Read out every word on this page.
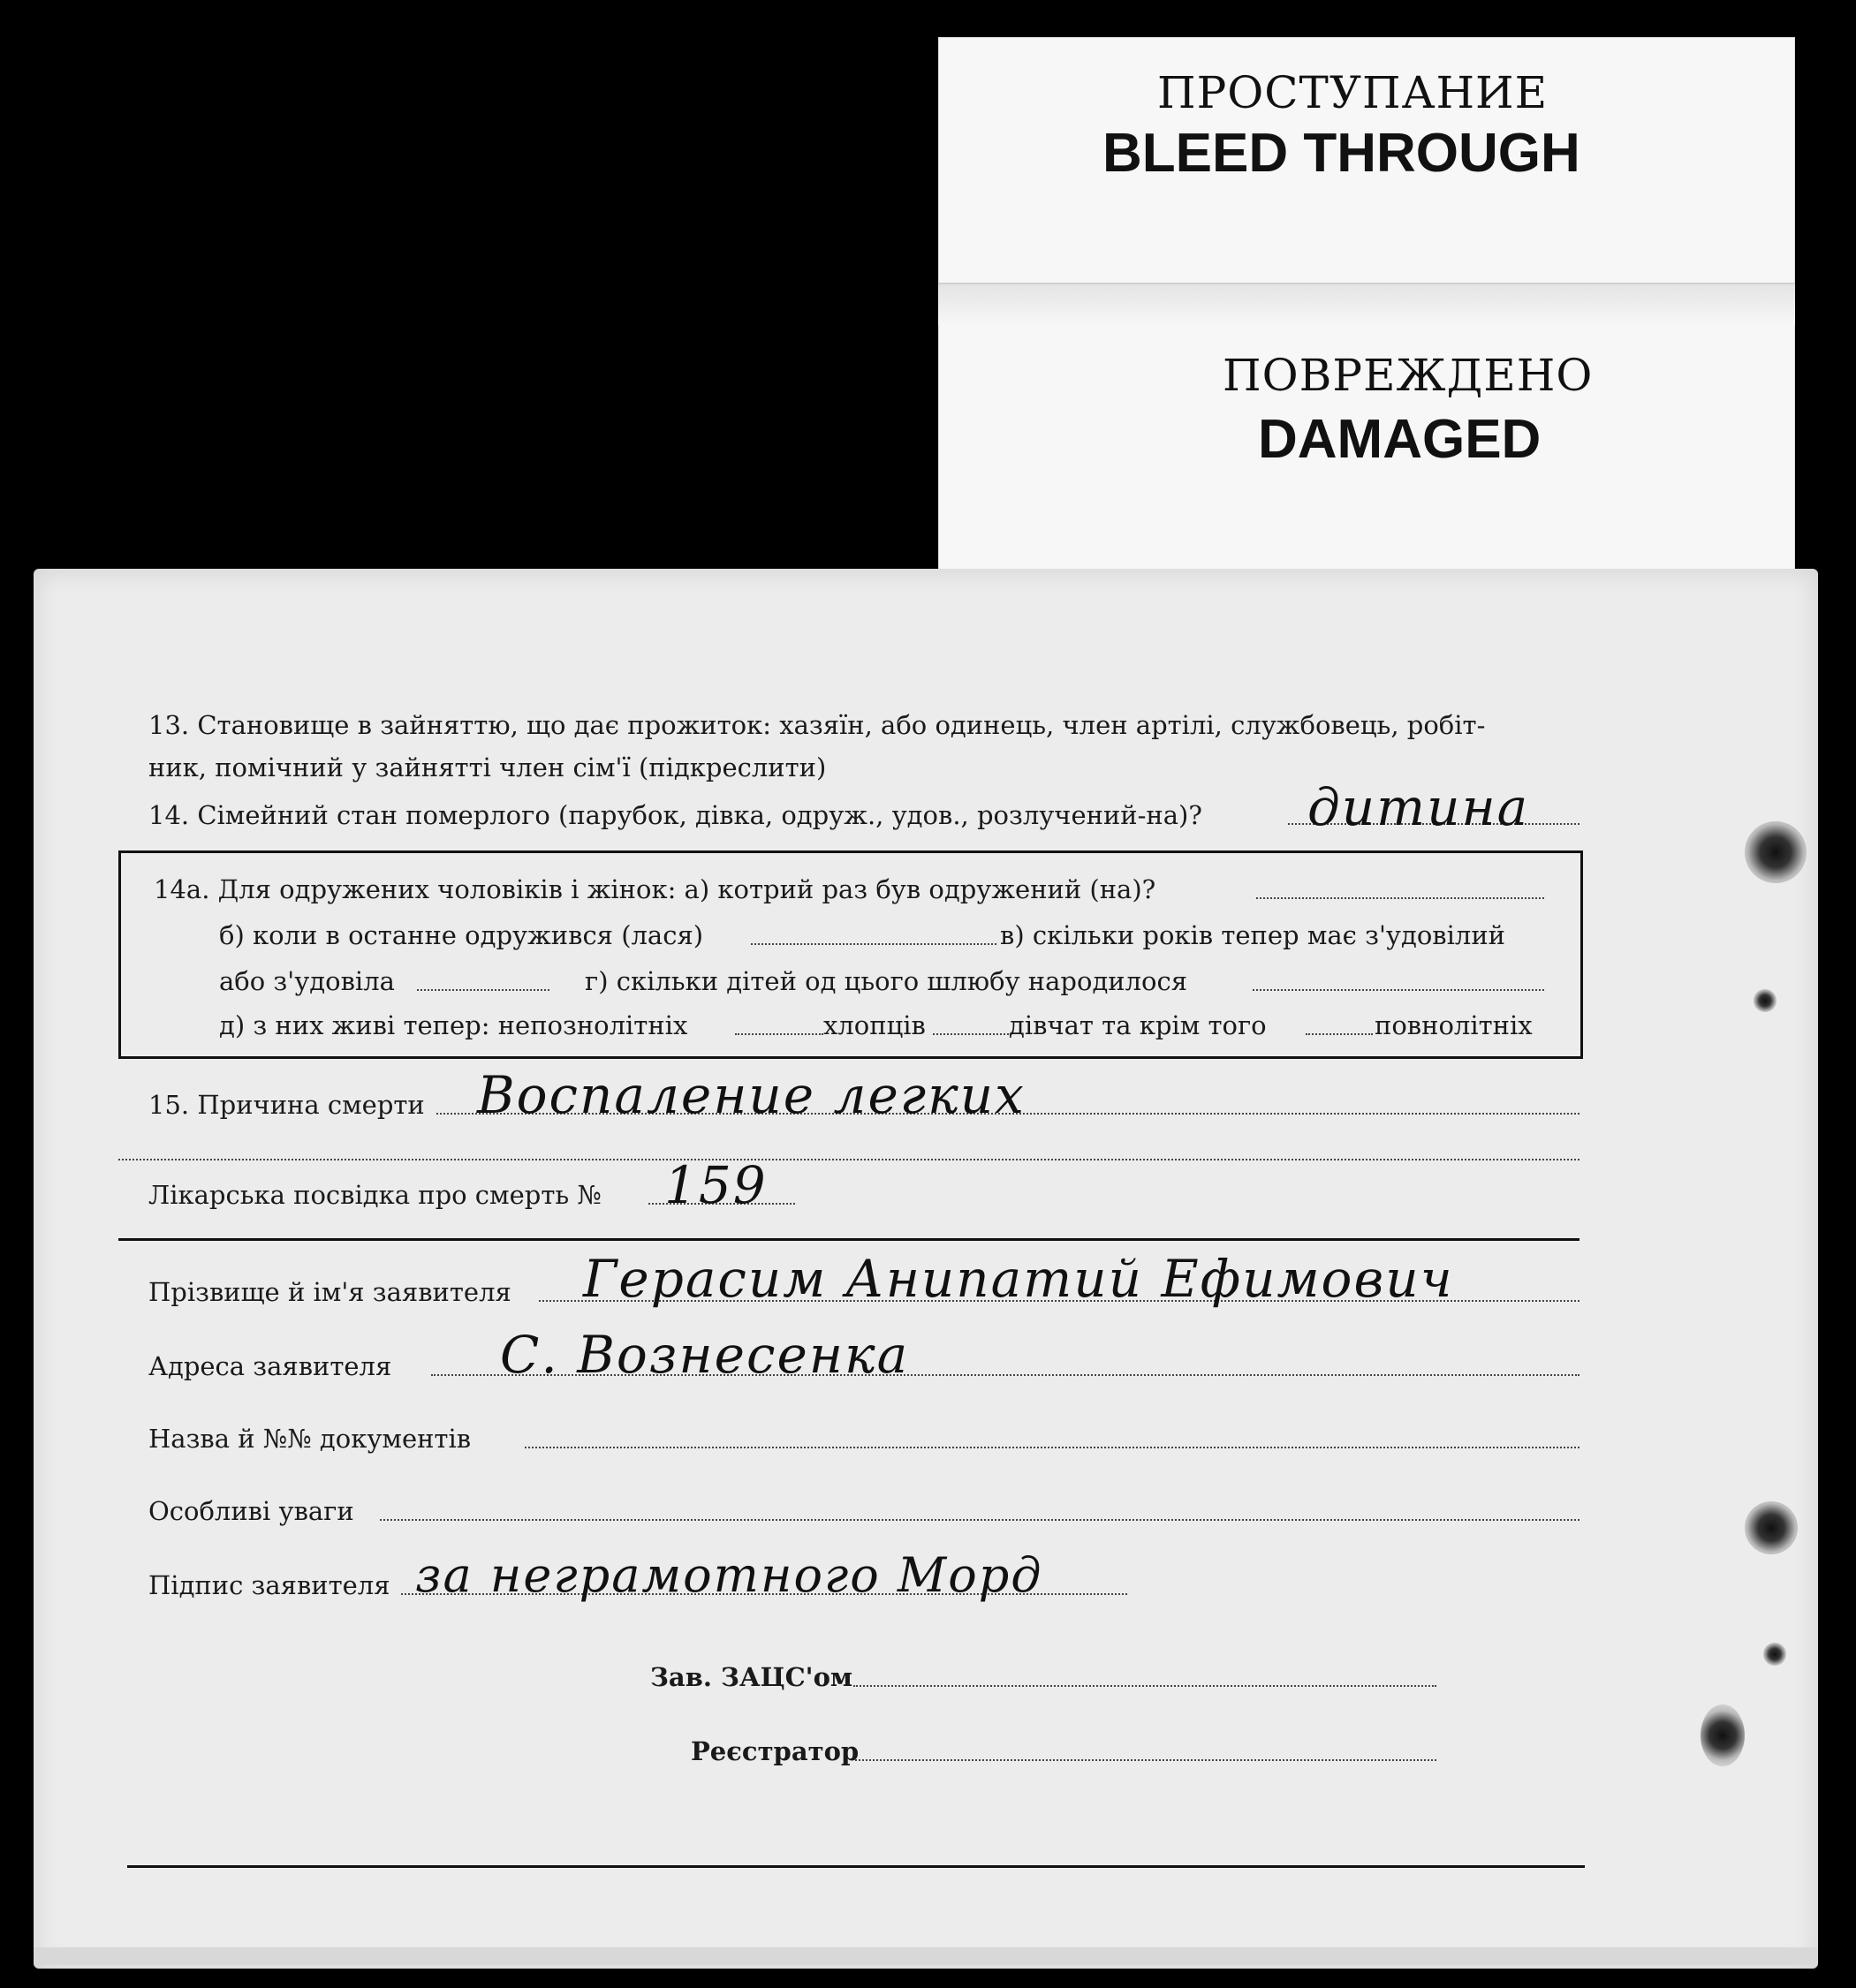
ПРОСТУПАНИЕ
BLEED THROUGH
ПОВРЕЖДЕНО
DAMAGED
13. Становище в зайняттю, що дає прожиток: хазяїн, або одинець, член артілі, службовець, робіт-
ник, помічний у зайнятті член сім'ї (підкреслити)
14. Сімейний стан померлого (парубок, дівка, одруж., удов., розлучений-на)? дитина
14а. Для одружених чоловіків і жінок: а) котрий раз був одружений (на)?
б) коли в останне одружився (лася)	в) скільки років тепер має з'удовілий
або з'удовіла	г) скільки дітей од цього шлюбу народилося
д) з них живі тепер: непознолітніх	хлопців	дівчат та крім того	повнолітніх
15. Причина смерти Воспаление легких
Лікарська посвідка про смерть № 159
Прізвище й ім'я заявителя Герасим Анипатий Ефимович
Адреса заявителя С. Вознесенка
Назва й №№ документів
Особливі уваги
Підпис заявителя за неграмотного Морд
Зав. ЗАЦС'ом
Реєстратор
